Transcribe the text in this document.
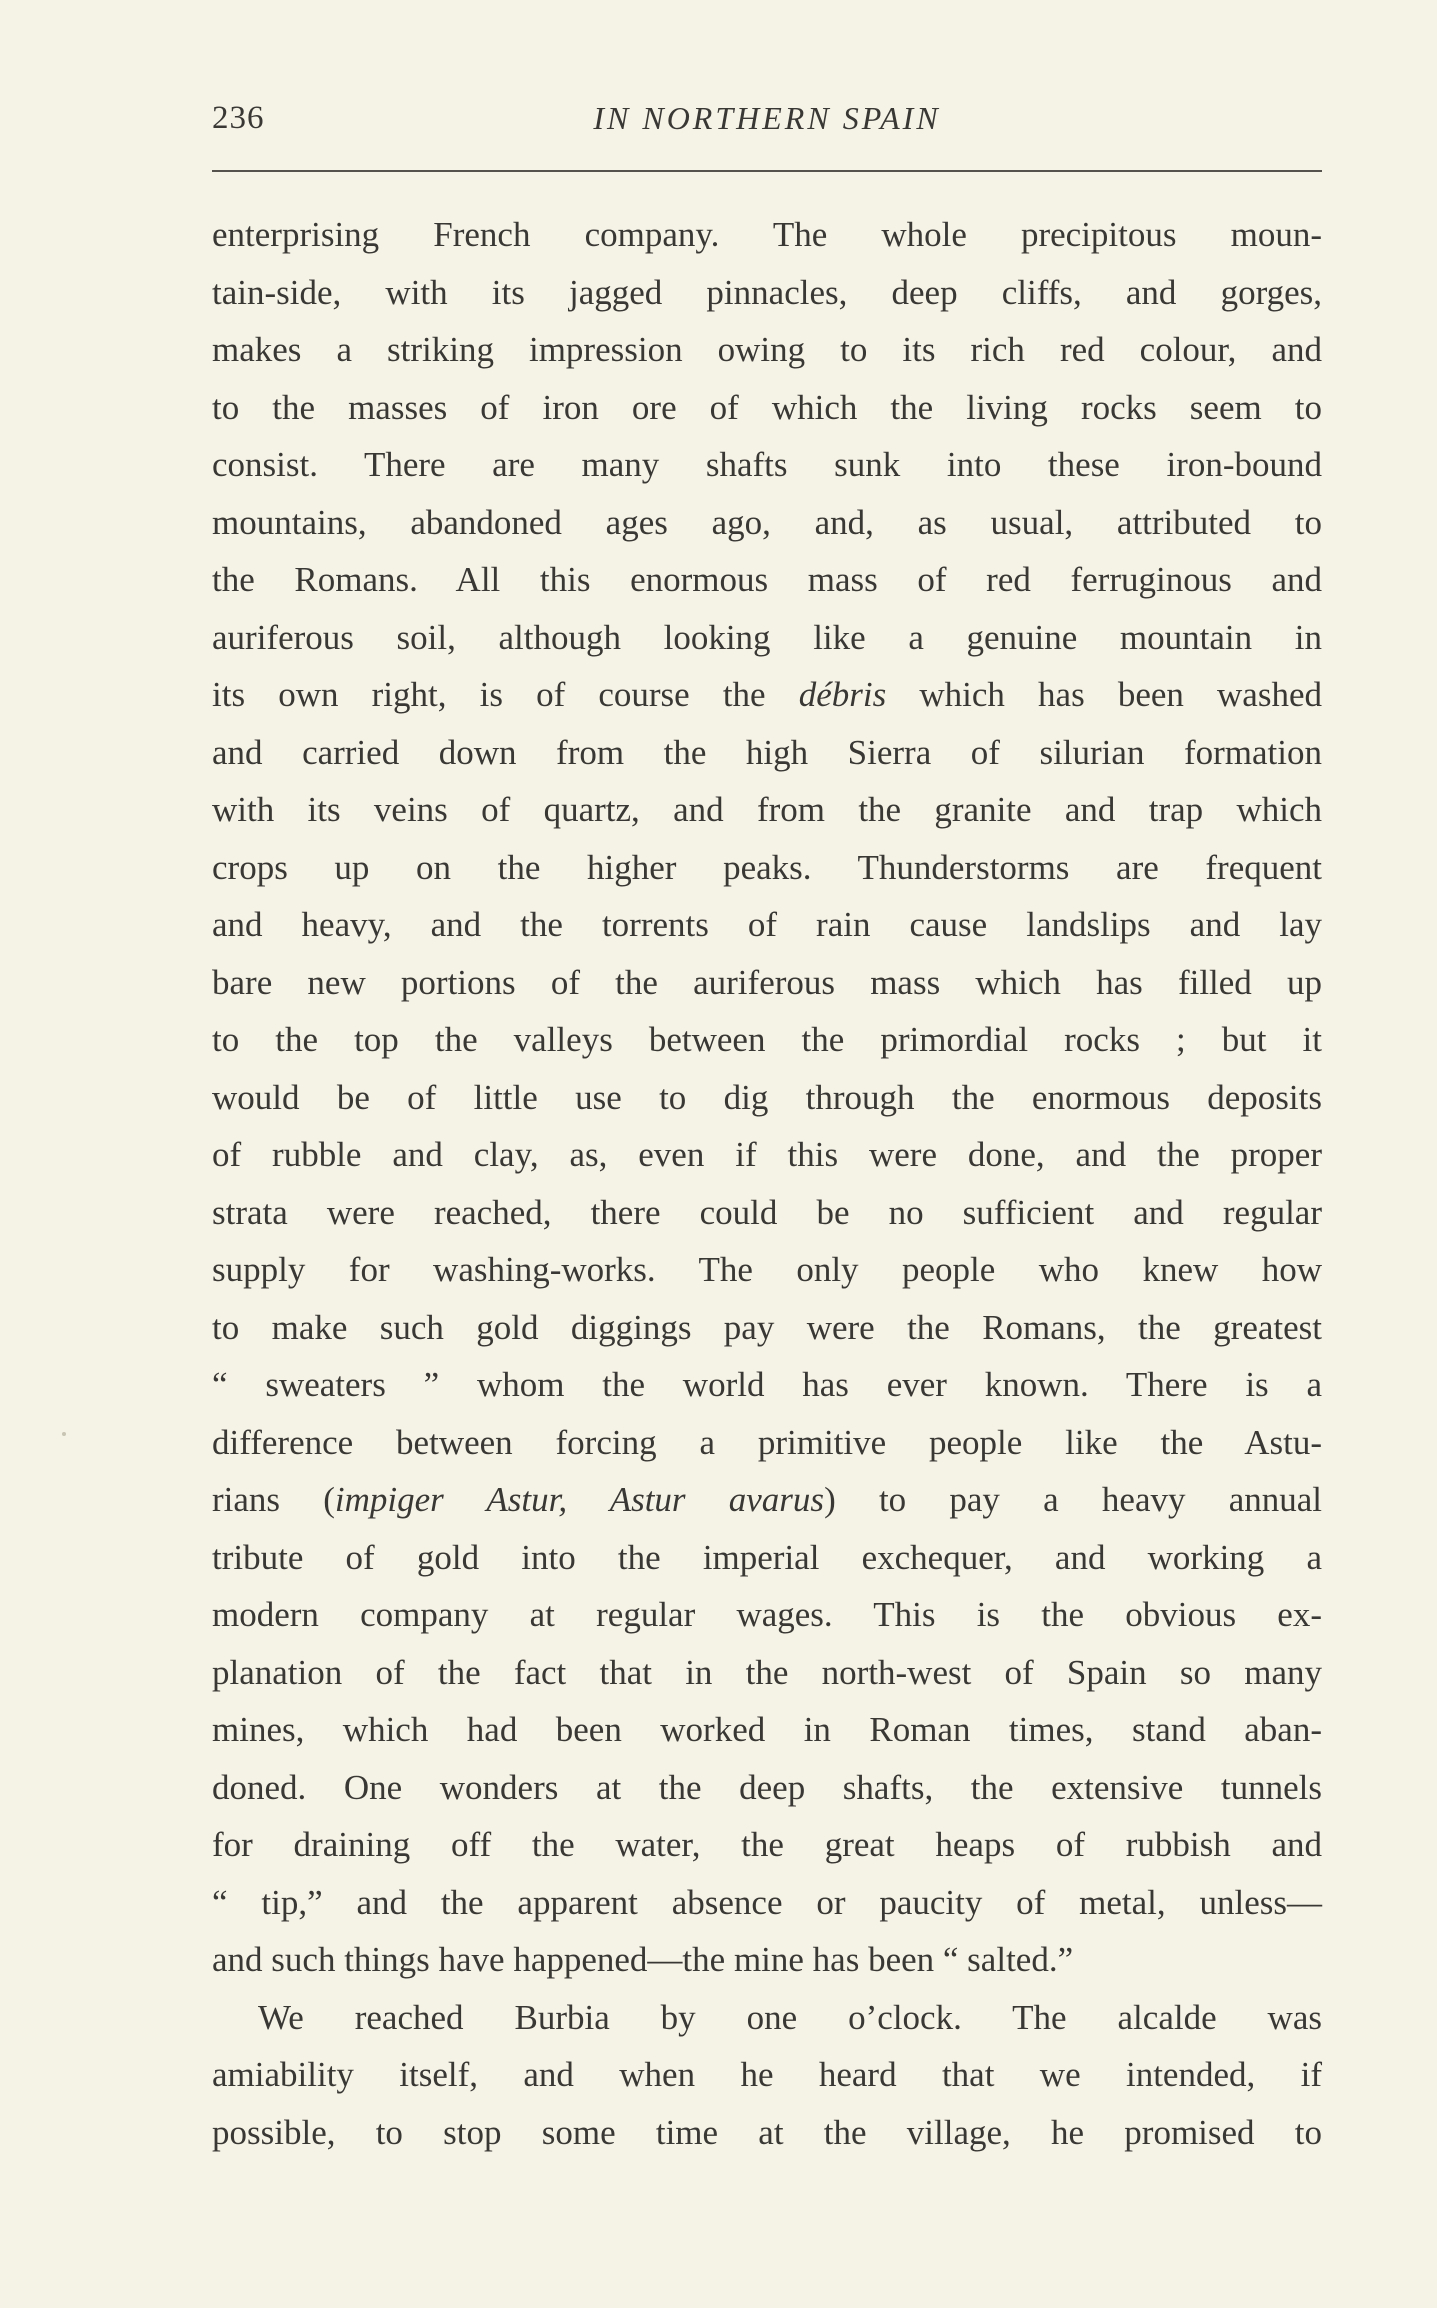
236	IN NORTHERN SPAIN
enterprising French company. The whole precipitous moun-
tain-side, with its jagged pinnacles, deep cliffs, and gorges,
makes a striking impression owing to its rich red colour, and
to the masses of iron ore of which the living rocks seem to
consist. There are many shafts sunk into these iron-bound
mountains, abandoned ages ago, and, as usual, attributed to
the Romans. All this enormous mass of red ferruginous and
auriferous soil, although looking like a genuine mountain in
its own right, is of course the débris which has been washed
and carried down from the high Sierra of silurian formation
with its veins of quartz, and from the granite and trap which
crops up on the higher peaks. Thunderstorms are frequent
and heavy, and the torrents of rain cause landslips and lay
bare new portions of the auriferous mass which has filled up
to the top the valleys between the primordial rocks ; but it
would be of little use to dig through the enormous deposits
of rubble and clay, as, even if this were done, and the proper
strata were reached, there could be no sufficient and regular
supply for washing-works. The only people who knew how
to make such gold diggings pay were the Romans, the greatest
“ sweaters ” whom the world has ever known. There is a
difference between forcing a primitive people like the Astu-
rians (impiger Astur, Astur avarus) to pay a heavy annual
tribute of gold into the imperial exchequer, and working a
modern company at regular wages. This is the obvious ex-
planation of the fact that in the north-west of Spain so many
mines, which had been worked in Roman times, stand aban-
doned. One wonders at the deep shafts, the extensive tunnels
for draining off the water, the great heaps of rubbish and
“ tip,” and the apparent absence or paucity of metal, unless—
and such things have happened—the mine has been “ salted.”
We reached Burbia by one o’clock. The alcalde was
amiability itself, and when he heard that we intended, if
possible, to stop some time at the village, he promised to
